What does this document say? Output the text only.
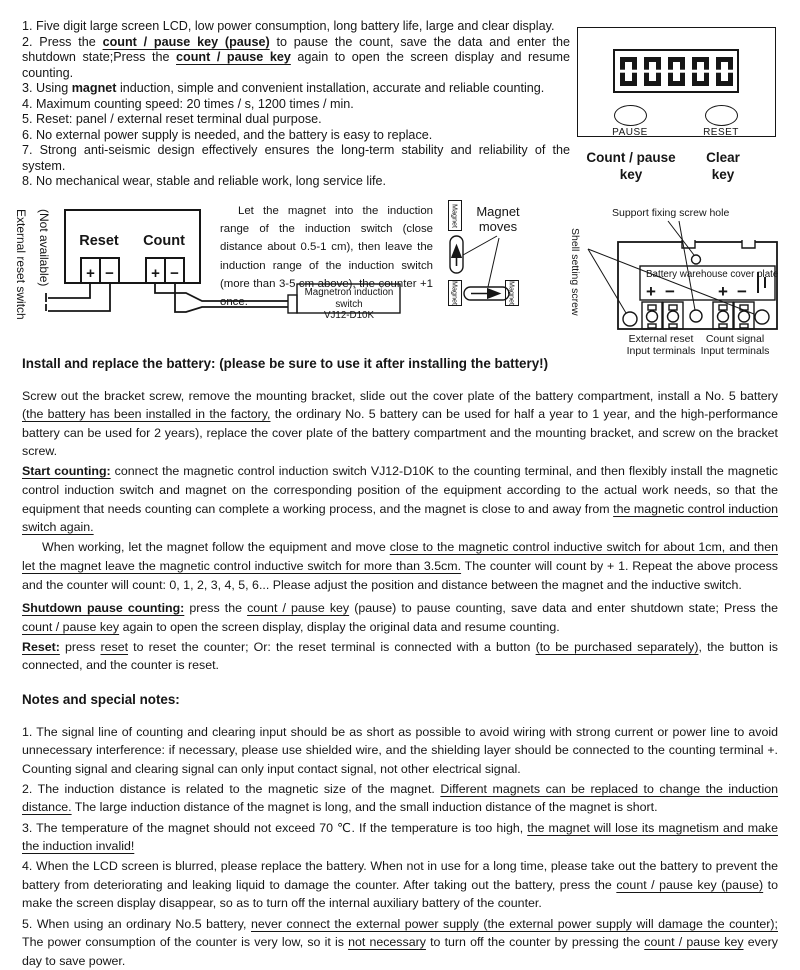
1. Five digit large screen LCD, low power consumption, long battery life, large and clear display.
2. Press the count / pause key (pause) to pause the count, save the data and enter the shutdown state;Press the count / pause key again to open the screen display and resume counting.
3. Using magnet induction, simple and convenient installation, accurate and reliable counting.
4. Maximum counting speed: 20 times / s, 1200 times / min.
5. Reset: panel / external reset terminal dual purpose.
6. No external power supply is needed, and the battery is easy to replace.
7. Strong anti-seismic design effectively ensures the long-term stability and reliability of the system.
8. No mechanical wear, stable and reliable work, long service life.
PAUSE	RESET
Count / pause
key
Clear
key
+ − + −
+ −	+ −
External reset switch (Not available) Reset Count
Let the magnet into the induction range of the induction switch (close distance about 0.5-1 cm), then leave the induction range of the induction switch (more than 3-5 cm above), the counter +1 once.
Magnetron induction switch
VJ12-D10K
Magnet
Magnet	Magnet
Magnet moves
Support fixing screw hole
Shell setting screw	Battery warehouse cover plate
External reset
Input terminals
Count signal
Input terminals
Install and replace the battery: (please be sure to use it after installing the battery!)

Screw out the bracket screw, remove the mounting bracket, slide out the cover plate of the battery compartment, install a No. 5 battery (the battery has been installed in the factory, the ordinary No. 5 battery can be used for half a year to 1 year, and the high-performance battery can be used for 2 years), replace the cover plate of the battery compartment and the mounting bracket, and screw on the bracket screw.

Start counting: connect the magnetic control induction switch VJ12-D10K to the counting terminal, and then flexibly install the magnetic control induction switch and magnet on the corresponding position of the equipment according to the actual work needs, so that the equipment that needs counting can complete a working process, and the magnet is close to and away from the magnetic control induction switch again.

When working, let the magnet follow the equipment and move close to the magnetic control inductive switch for about 1cm, and then let the magnet leave the magnetic control inductive switch for more than 3.5cm. The counter will count by + 1. Repeat the above process and the counter will count: 0, 1, 2, 3, 4, 5, 6... Please adjust the position and distance between the magnet and the inductive switch.

Shutdown pause counting: press the count / pause key (pause) to pause counting, save data and enter shutdown state; Press the count / pause key again to open the screen display, display the original data and resume counting.

Reset: press reset to reset the counter; Or: the reset terminal is connected with a button (to be purchased separately), the button is connected, and the counter is reset.

Notes and special notes:

1. The signal line of counting and clearing input should be as short as possible to avoid wiring with strong current or power line to avoid unnecessary interference: if necessary, please use shielded wire, and the shielding layer should be connected to the counting terminal +. Counting signal and clearing signal can only input contact signal, not other electrical signal.

2. The induction distance is related to the magnetic size of the magnet. Different magnets can be replaced to change the induction distance. The large induction distance of the magnet is long, and the small induction distance of the magnet is short.

3. The temperature of the magnet should not exceed 70 ℃. If the temperature is too high, the magnet will lose its magnetism and make the induction invalid!

4. When the LCD screen is blurred, please replace the battery. When not in use for a long time, please take out the battery to prevent the battery from deteriorating and leaking liquid to damage the counter. After taking out the battery, press the count / pause key (pause) to make the screen display disappear, so as to turn off the internal auxiliary battery of the counter.

5. When using an ordinary No.5 battery, never connect the external power supply (the external power supply will damage the counter); The power consumption of the counter is very low, so it is not necessary to turn off the counter by pressing the count / pause key every day to save power.
